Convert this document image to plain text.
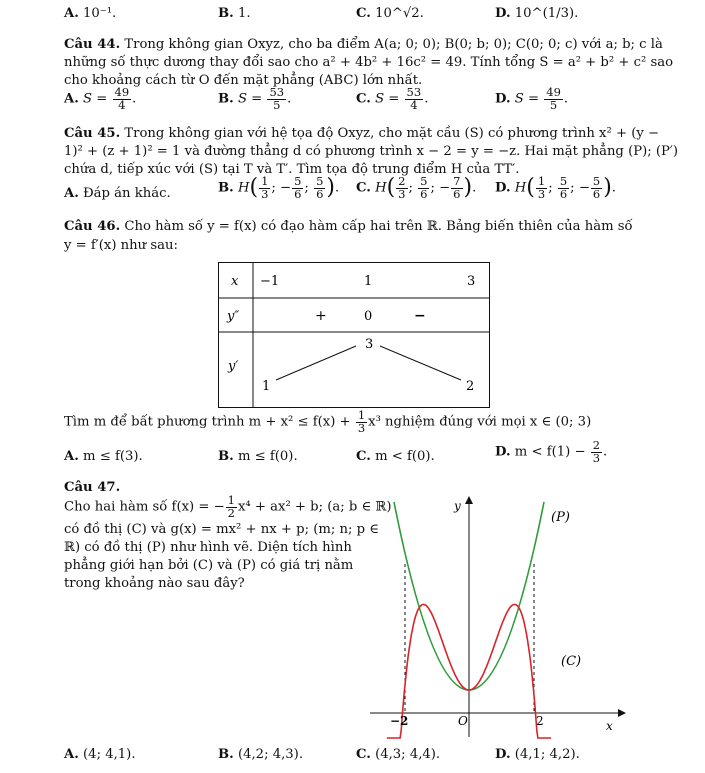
A. 10⁻¹.	B. 1.	C. 10^√2.	D. 10^(1/3).
Câu 44. Trong không gian Oxyz, cho ba điểm A(a; 0; 0); B(0; b; 0); C(0; 0; c) với a; b; c là
những số thực dương thay đổi sao cho a² + 4b² + 16c² = 49. Tính tổng S = a² + b² + c² sao
cho khoảng cách từ O đến mặt phẳng (ABC) lớn nhất.
A. $S = \frac{49}{4}$ .	B. $S = \frac{53}{5}$ .	C. $S = \frac{53}{4}$ .	D. $S = \frac{49}{5}$ .
Câu 45. Trong không gian với hệ tọa độ Oxyz, cho mặt cầu (S) có phương trình x² + (y −
1)² + (z + 1)² = 1 và đường thẳng d có phương trình x − 2 = y = −z. Hai mặt phẳng (P); (P′)
chứa d, tiếp xúc với (S) tại T và T′. Tìm tọa độ trung điểm H của TT′.
A. Đáp án khác.	B. $H( \frac{1}{3}$ ; − $\frac{5}{6}$ ; $\frac{5}{6}$ ). C. $H( \frac{2}{3}$ ; $\frac{5}{6}$ ; − $\frac{7}{6}$ ). D. $H( \frac{1}{3}$ ; $\frac{5}{6}$ ; − $\frac{5}{6}$ ).
Câu 46. Cho hàm số y = f(x) có đạo hàm cấp hai trên ℝ. Bảng biến thiên của hàm số
y = f′(x) như sau:
x −1	1	3
y″	+	0	−
y′
1
3
2
Tìm m để bất phương trình $m + x^2 \le f(x) + \frac{1}{3} x^3$ nghiệm đúng với mọi x ∈ (0; 3)
A. m ≤ f(3).	B. m ≤ f(0).	C. m < f(0).	D. $m < f(1) - \frac{2}{3}$ .
Câu 47.
Cho hai hàm số f(x) = − $\frac{1}{2} x^4 + ax^2 + b$; (a; b ∈ ℝ)
có đồ thị (C) và g(x) = mx² + nx + p; (m; n; p ∈
ℝ) có đồ thị (P) như hình vẽ. Diện tích hình
phẳng giới hạn bởi (C) và (P) có giá trị nằm
trong khoảng nào sau đây?
y
x
O
−2	2
(P)
(C)
A. (4; 4,1).	B. (4,2; 4,3).	C. (4,3; 4,4).	D. (4,1; 4,2).
